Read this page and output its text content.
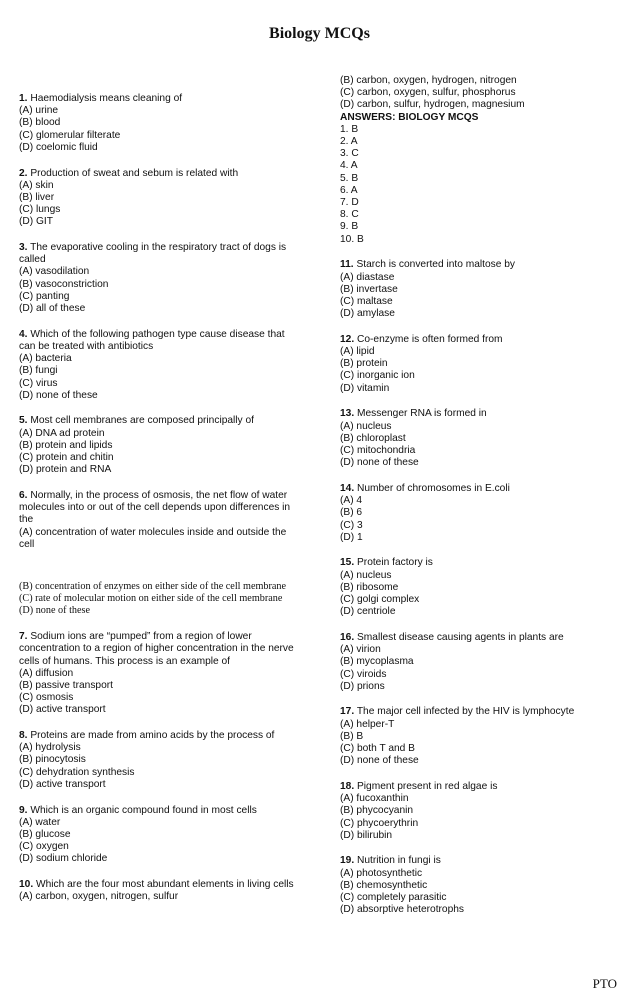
Biology MCQs
1. Haemodialysis means cleaning of
(A) urine
(B) blood
(C) glomerular filterate
(D) coelomic fluid
2. Production of sweat and sebum is related with
(A) skin
(B) liver
(C) lungs
(D) GIT
3. The evaporative cooling in the respiratory tract of dogs is called
(A) vasodilation
(B) vasoconstriction
(C) panting
(D) all of these
4. Which of the following pathogen type cause disease that can be treated with antibiotics
(A) bacteria
(B) fungi
(C) virus
(D) none of these
5. Most cell membranes are composed principally of
(A) DNA ad protein
(B) protein and lipids
(C) protein and chitin
(D) protein and RNA
6. Normally, in the process of osmosis, the net flow of water molecules into or out of the cell depends upon differences in the
(A) concentration of water molecules inside and outside the cell
(B) concentration of enzymes on either side of the cell membrane
(C) rate of molecular motion on either side of the cell membrane
(D) none of these
7. Sodium ions are “pumped” from a region of lower concentration to a region of higher concentration in the nerve cells of humans. This process is an example of
(A) diffusion
(B) passive transport
(C) osmosis
(D) active transport
8. Proteins are made from amino acids by the process of
(A) hydrolysis
(B) pinocytosis
(C) dehydration synthesis
(D) active transport
9. Which is an organic compound found in most cells
(A) water
(B) glucose
(C) oxygen
(D) sodium chloride
10. Which are the four most abundant elements in living cells
(A) carbon, oxygen, nitrogen, sulfur
(B) carbon, oxygen, hydrogen, nitrogen
(C) carbon, oxygen, sulfur, phosphorus
(D) carbon, sulfur, hydrogen, magnesium
ANSWERS: BIOLOGY MCQS
1. B
2. A
3. C
4. A
5. B
6. A
7. D
8. C
9. B
10. B
11. Starch is converted into maltose by
(A) diastase
(B) invertase
(C) maltase
(D) amylase
12. Co-enzyme is often formed from
(A) lipid
(B) protein
(C) inorganic ion
(D) vitamin
13. Messenger RNA is formed in
(A) nucleus
(B) chloroplast
(C) mitochondria
(D) none of these
14. Number of chromosomes in E.coli
(A) 4
(B) 6
(C) 3
(D) 1
15. Protein factory is
(A) nucleus
(B) ribosome
(C) golgi complex
(D) centriole
16. Smallest disease causing agents in plants are
(A) virion
(B) mycoplasma
(C) viroids
(D) prions
17. The major cell infected by the HIV is lymphocyte
(A) helper-T
(B) B
(C) both T and B
(D) none of these
18. Pigment present in red algae is
(A) fucoxanthin
(B) phycocyanin
(C) phycoerythrin
(D) bilirubin
19. Nutrition in fungi is
(A) photosynthetic
(B) chemosynthetic
(C) completely parasitic
(D) absorptive heterotrophs
PTO
